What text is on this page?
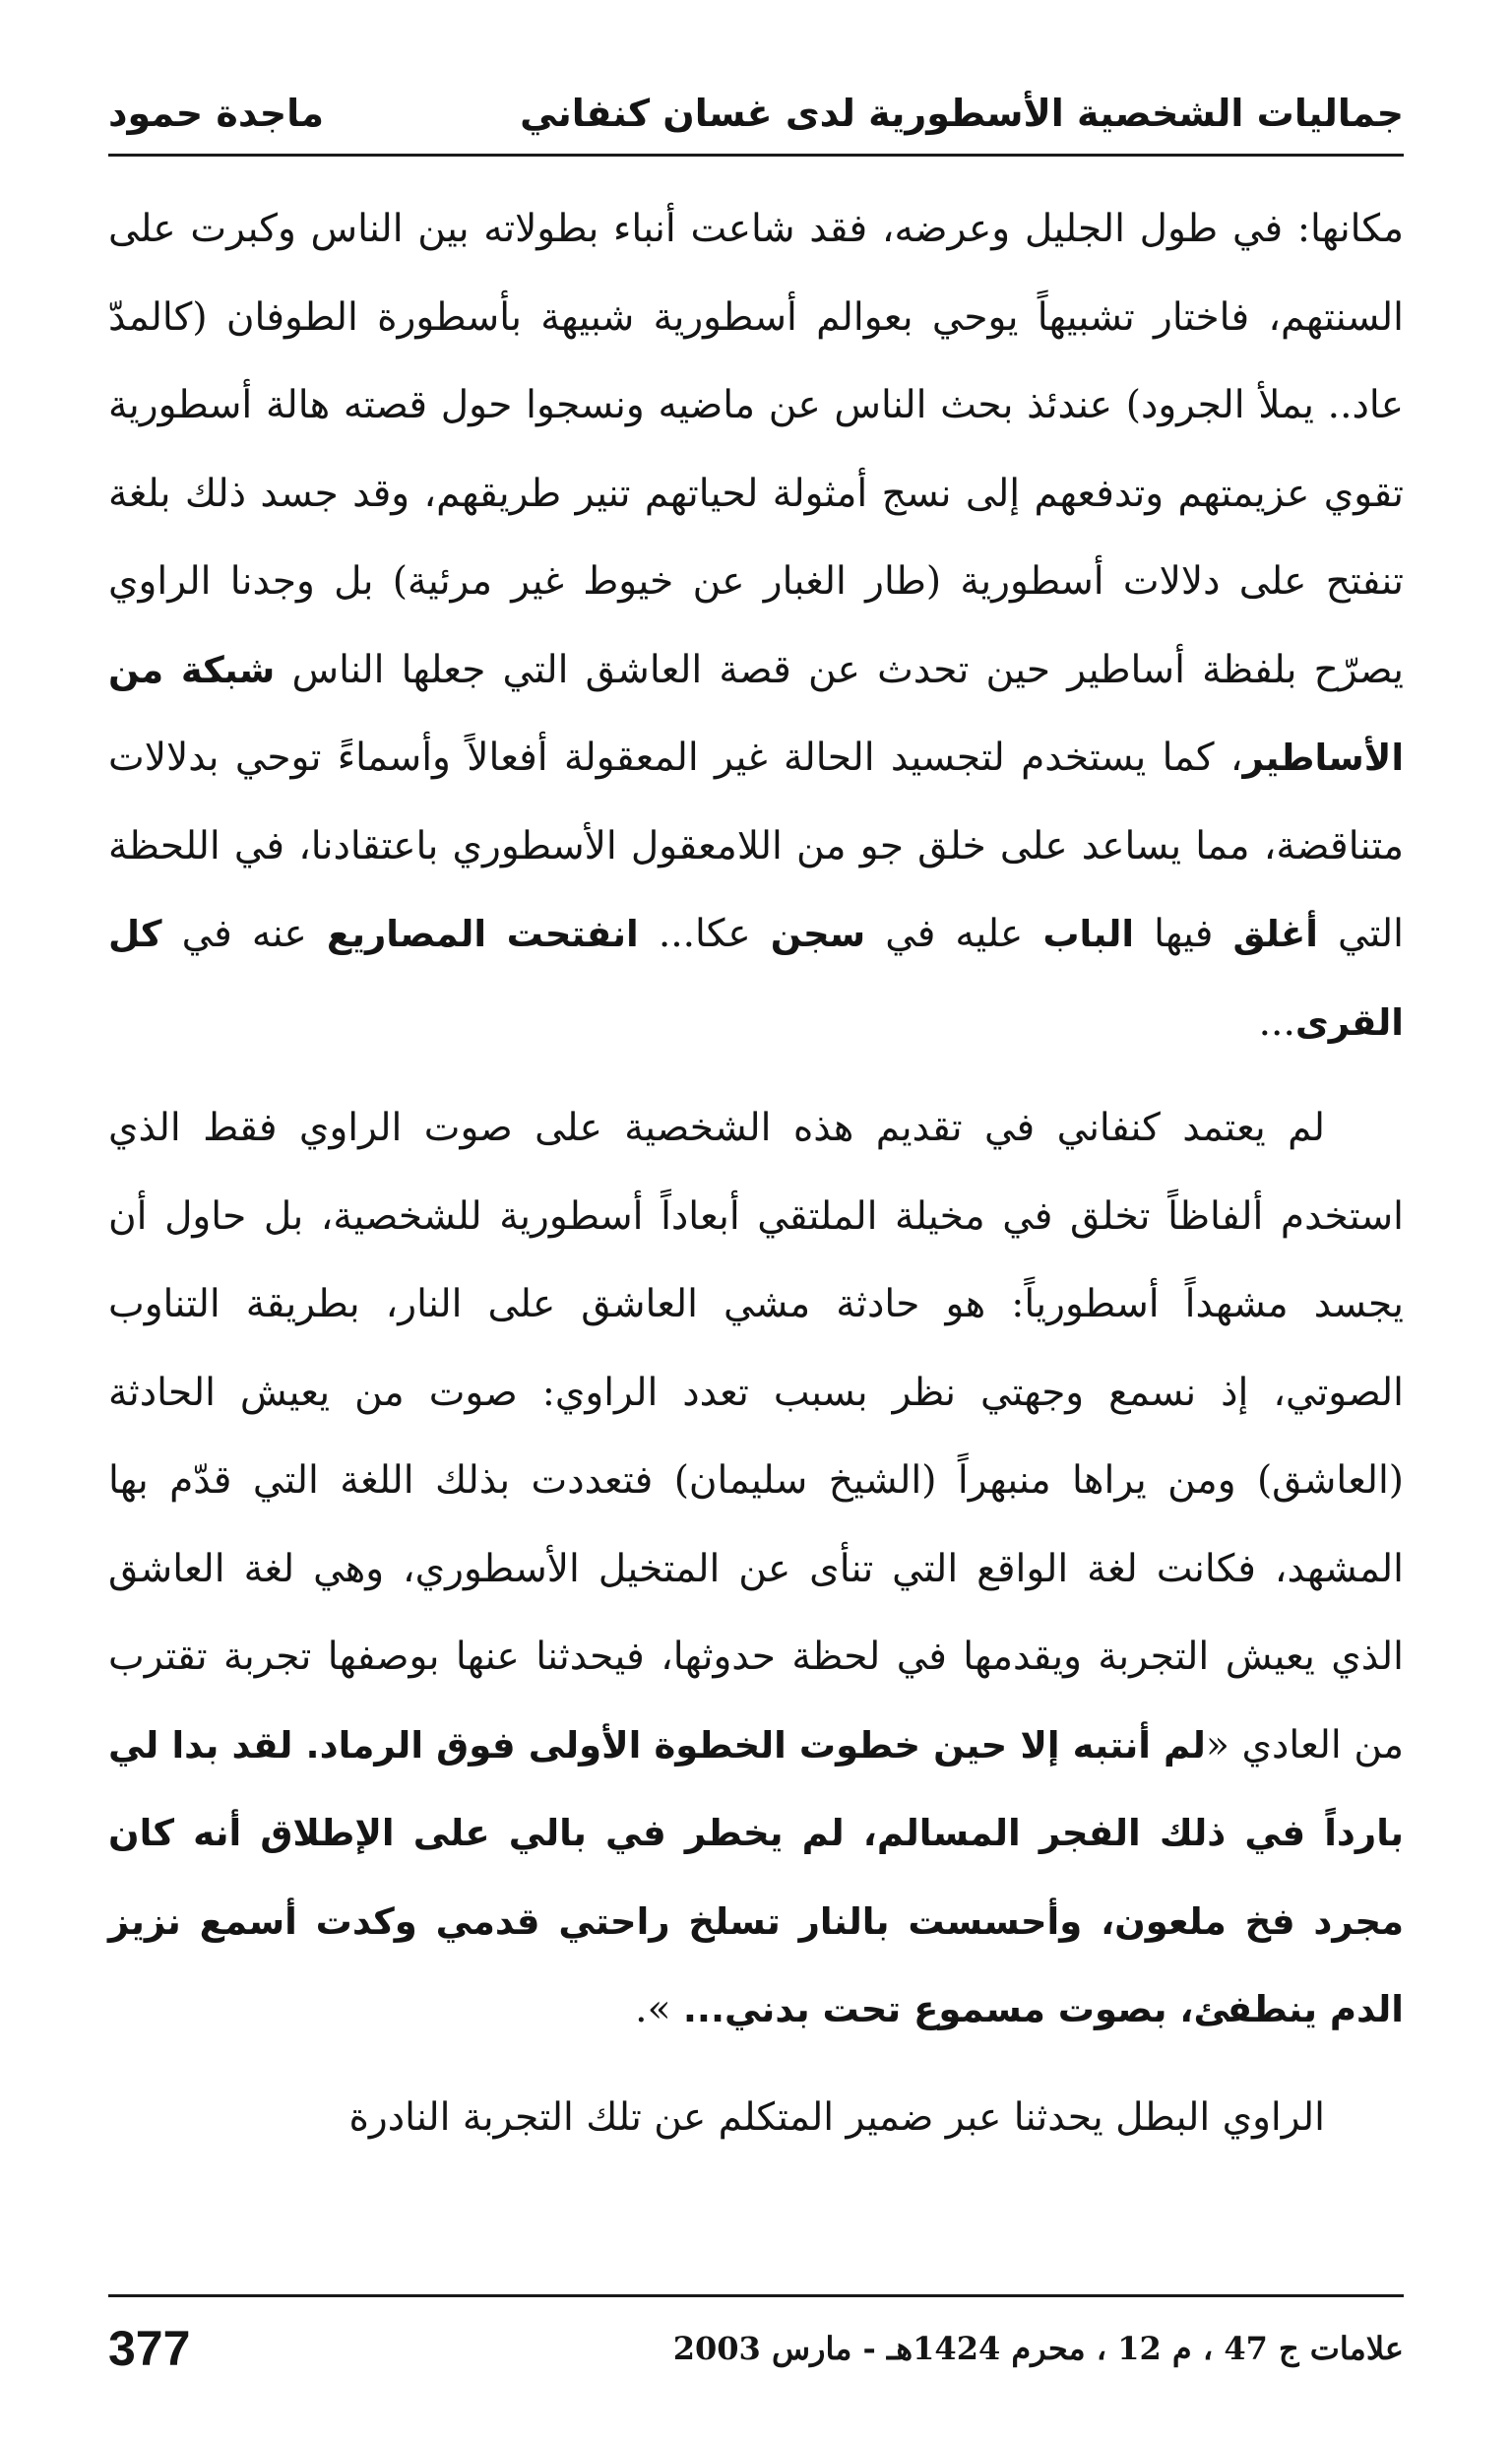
جماليات الشخصية الأسطورية لدى غسان كنفاني
ماجدة حمود

مكانها: في طول الجليل وعرضه، فقد شاعت أنباء بطولاته بين الناس وكبرت على السنتهم، فاختار تشبيهاً يوحي بعوالم أسطورية شبيهة بأسطورة الطوفان (كالمدّ عاد.. يملأ الجرود) عندئذ بحث الناس عن ماضيه ونسجوا حول قصته هالة أسطورية تقوي عزيمتهم وتدفعهم إلى نسج أمثولة لحياتهم تنير طريقهم، وقد جسد ذلك بلغة تنفتح على دلالات أسطورية (طار الغبار عن خيوط غير مرئية) بل وجدنا الراوي يصرّح بلفظة أساطير حين تحدث عن قصة العاشق التي جعلها الناس شبكة من الأساطير، كما يستخدم لتجسيد الحالة غير المعقولة أفعالاً وأسماءً توحي بدلالات متناقضة، مما يساعد على خلق جو من اللامعقول الأسطوري باعتقادنا، في اللحظة التي أغلق فيها الباب عليه في سجن عكا... انفتحت المصاريع عنه في كل القرى...

لم يعتمد كنفاني في تقديم هذه الشخصية على صوت الراوي فقط الذي استخدم ألفاظاً تخلق في مخيلة الملتقي أبعاداً أسطورية للشخصية، بل حاول أن يجسد مشهداً أسطورياً: هو حادثة مشي العاشق على النار، بطريقة التناوب الصوتي، إذ نسمع وجهتي نظر بسبب تعدد الراوي: صوت من يعيش الحادثة (العاشق) ومن يراها منبهراً (الشيخ سليمان) فتعددت بذلك اللغة التي قدّم بها المشهد، فكانت لغة الواقع التي تنأى عن المتخيل الأسطوري، وهي لغة العاشق الذي يعيش التجربة ويقدمها في لحظة حدوثها، فيحدثنا عنها بوصفها تجربة تقترب من العادي «لم أنتبه إلا حين خطوت الخطوة الأولى فوق الرماد. لقد بدا لي بارداً في ذلك الفجر المسالم، لم يخطر في بالي على الإطلاق أنه كان مجرد فخ ملعون، وأحسست بالنار تسلخ راحتي قدمي وكدت أسمع نزيز الدم ينطفئ، بصوت مسموع تحت بدني... ».

الراوي البطل يحدثنا عبر ضمير المتكلم عن تلك التجربة النادرة

علامات ج 47 ، م 12 ، محرم 1424هـ - مارس 2003
377
